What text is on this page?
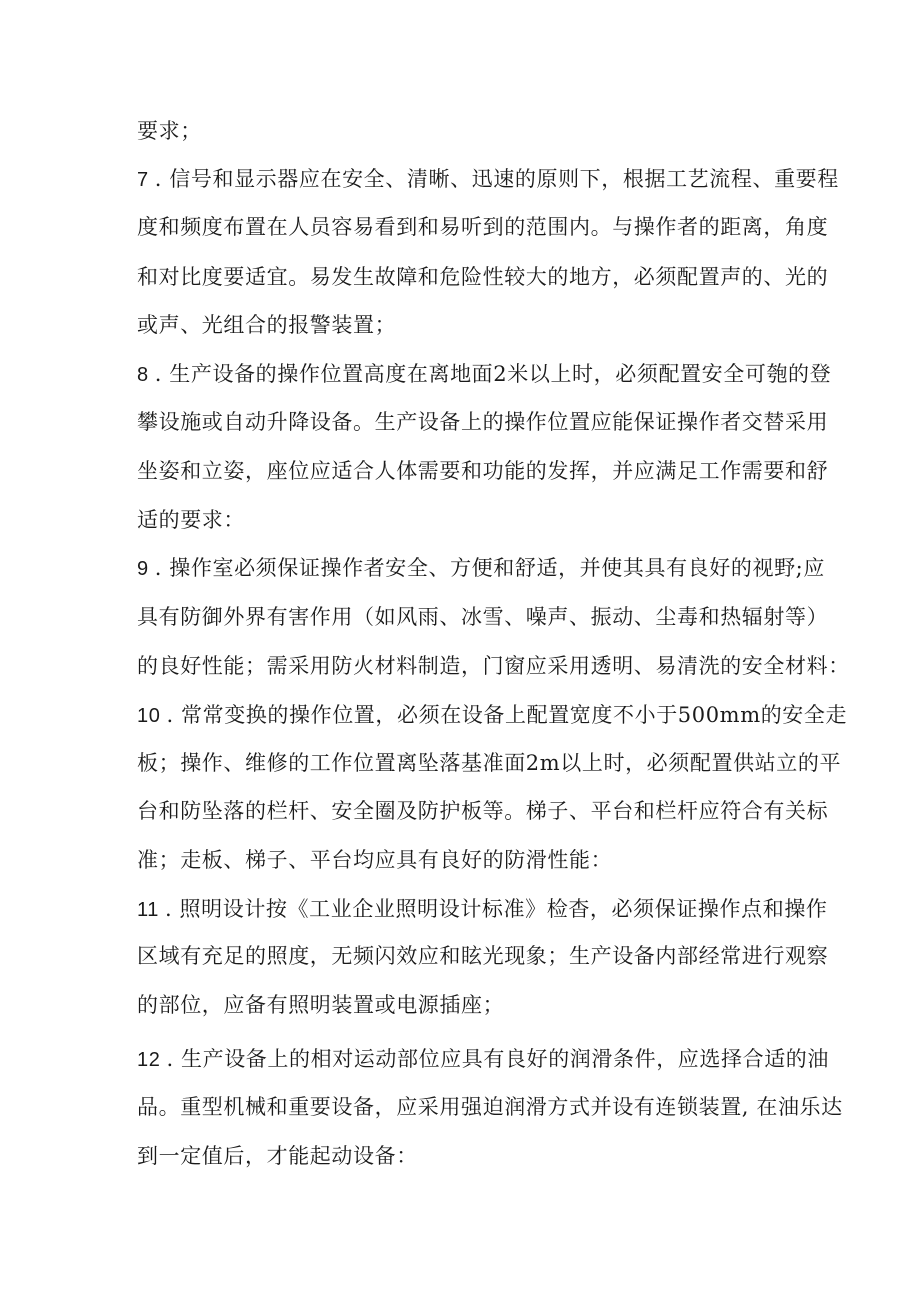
要求；
7 . 信号和显示器应在安全、清晰、迅速的原则下，根据工艺流程、重要程
度和频度布置在人员容易看到和易听到的范围内。与操作者的距离，角度
和对比度要适宜。易发生故障和危险性较大的地方，必须配置声的、光的
或声、光组合的报警装置；
8 . 生产设备的操作位置高度在离地面2米以上时，必须配置安全可匏的登
攀设施或自动升降设备。生产设备上的操作位置应能保证操作者交替采用
坐姿和立姿，座位应适合人体需要和功能的发挥，并应满足工作需要和舒
适的要求：
9 . 操作室必须保证操作者安全、方便和舒适，并使其具有良好的视野;应
具有防御外界有害作用（如风雨、冰雪、噪声、振动、尘毒和热辐射等）
的良好性能；需采用防火材料制造，门窗应采用透明、易清洗的安全材料：
10 . 常常变换的操作位置，必须在设备上配置宽度不小于500mm的安全走
板；操作、维修的工作位置离坠落基准面2m以上时，必须配置供站立的平
台和防坠落的栏杆、安全圈及防护板等。梯子、平台和栏杆应符合有关标
准；走板、梯子、平台均应具有良好的防滑性能：
11 . 照明设计按《工业企业照明设计标准》检杳，必须保证操作点和操作
区域有充足的照度，无频闪效应和眩光现象；生产设备内部经常进行观察
的部位，应备有照明装置或电源插座；
12 . 生产设备上的相对运动部位应具有良好的润滑条件，应选择合适的油
品。重型机械和重要设备，应采用强迫润滑方式并设有连锁装置, 在油乐达
到一定值后，才能起动设备：
